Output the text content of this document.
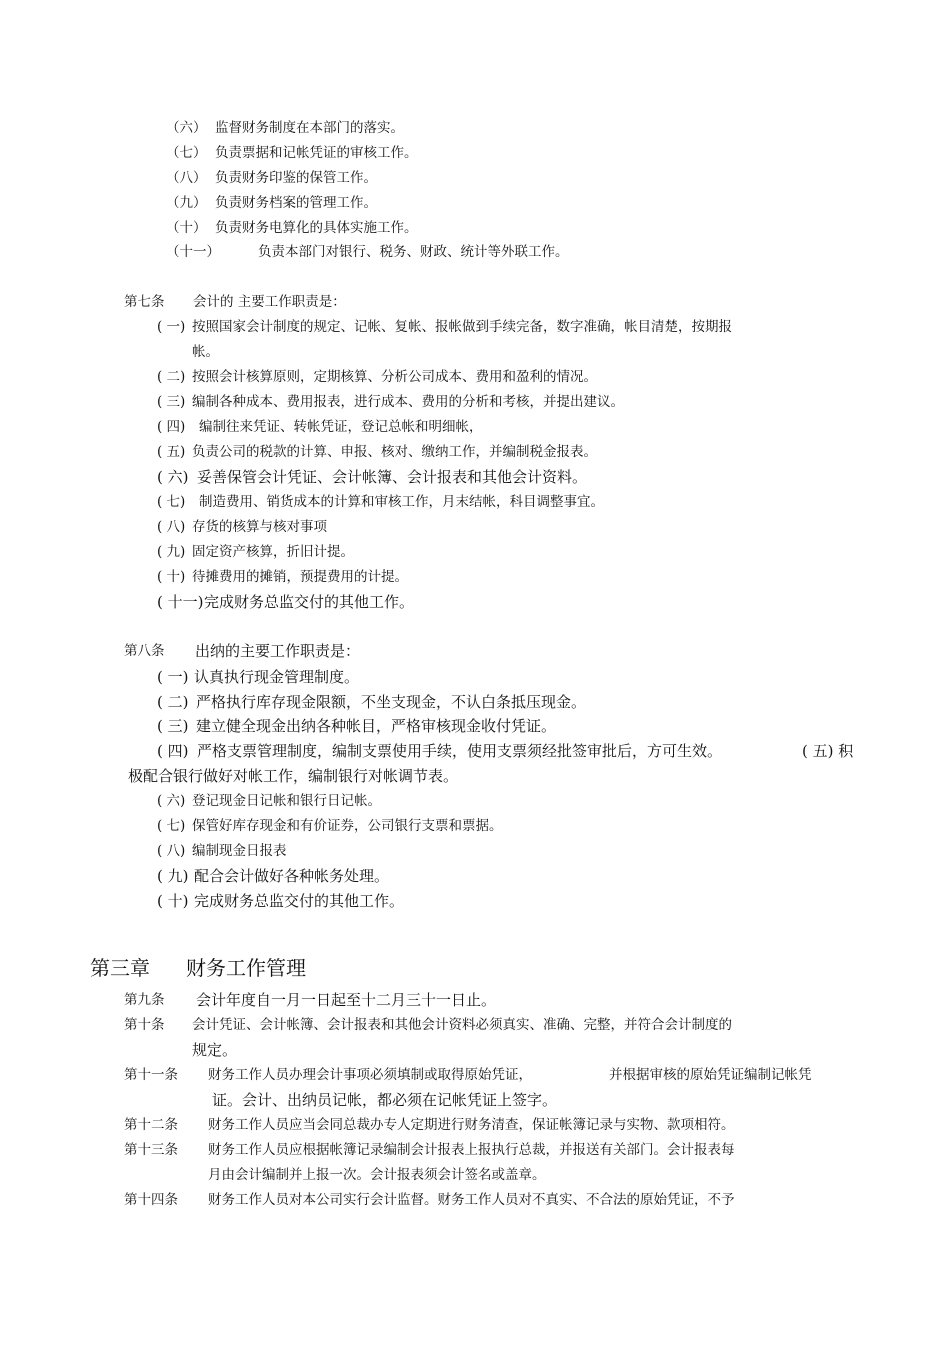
（六） 监督财务制度在本部门的落实。
（七） 负责票据和记帐凭证的审核工作。
（八） 负责财务印鉴的保管工作。
（九） 负责财务档案的管理工作。
（十） 负责财务电算化的具体实施工作。
（十一）	负责本部门对银行、税务、财政、统计等外联工作。
第七条 会计的 主要工作职责是：
( 一) 按照国家会计制度的规定、记帐、复帐、报帐做到手续完备，数字准确，帐目清楚，按期报
帐。
( 二) 按照会计核算原则，定期核算、分析公司成本、费用和盈利的情况。
( 三) 编制各种成本、费用报表，进行成本、费用的分析和考核，并提出建议。
( 四) 编制往来凭证、转帐凭证，登记总帐和明细帐，
( 五) 负责公司的税款的计算、申报、核对、缴纳工作，并编制税金报表。
( 六) 妥善保管会计凭证、会计帐簿、会计报表和其他会计资料。
( 七) 制造费用、销货成本的计算和审核工作，月末结帐，科目调整事宜。
( 八) 存货的核算与核对事项
( 九) 固定资产核算，折旧计提。
( 十) 待摊费用的摊销，预提费用的计提。
( 十一) 完成财务总监交付的其他工作。
第八条 出纳的主要工作职责是：
( 一) 认真执行现金管理制度。
( 二) 严格执行库存现金限额，不坐支现金，不认白条抵压现金。
( 三) 建立健全现金出纳各种帐目，严格审核现金收付凭证。
( 四) 严格支票管理制度，编制支票使用手续，使用支票须经批签审批后，方可生效。	( 五) 积
极配合银行做好对帐工作，编制银行对帐调节表。
( 六) 登记现金日记帐和银行日记帐。
( 七) 保管好库存现金和有价证券，公司银行支票和票据。
( 八) 编制现金日报表
( 九) 配合会计做好各种帐务处理。
( 十) 完成财务总监交付的其他工作。
第三章 财务工作管理
第九条 会计年度自一月一日起至十二月三十一日止。
第十条 会计凭证、会计帐簿、会计报表和其他会计资料必须真实、准确、完整，并符合会计制度的
规定。
第十一条 财务工作人员办理会计事项必须填制或取得原始凭证，	并根据审核的原始凭证编制记帐凭
证。会计、出纳员记帐，都必须在记帐凭证上签字。
第十二条 财务工作人员应当会同总裁办专人定期进行财务清查，保证帐簿记录与实物、款项相符。
第十三条 财务工作人员应根据帐簿记录编制会计报表上报执行总裁，并报送有关部门。会计报表每
月由会计编制并上报一次。会计报表须会计签名或盖章。
第十四条 财务工作人员对本公司实行会计监督。财务工作人员对不真实、不合法的原始凭证，不予
